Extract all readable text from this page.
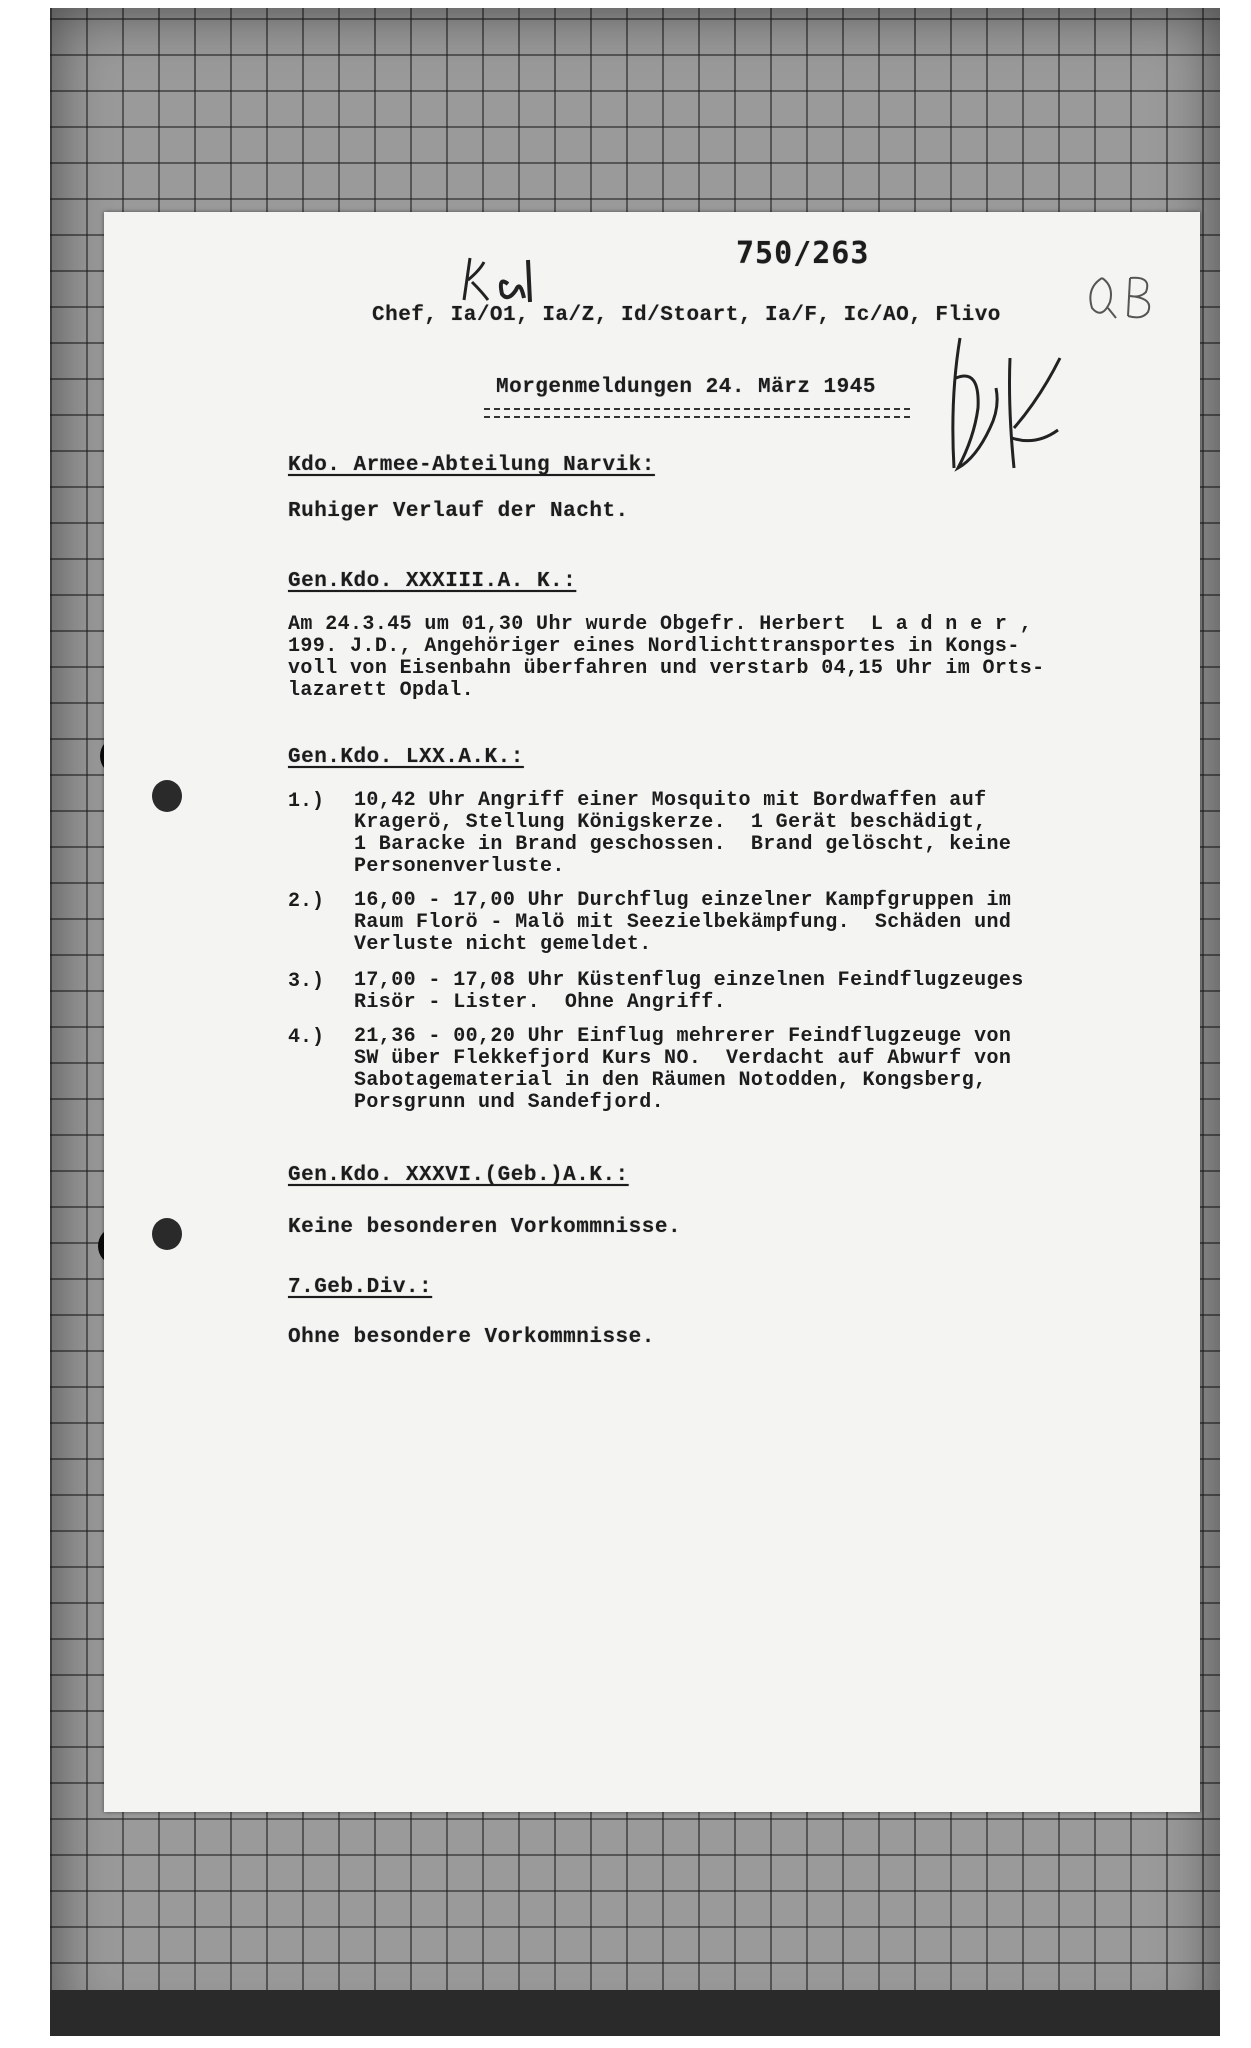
750/263
Chef, Ia/O1, Ia/Z, Id/Stoart, Ia/F, Ic/AO, Flivo
Morgenmeldungen 24. März 1945
Kdo. Armee-Abteilung Narvik:
Ruhiger Verlauf der Nacht.
Gen.Kdo. XXXIII.A. K.:
Am 24.3.45 um 01,30 Uhr wurde Obgefr. Herbert  L a d n e r ,
199. J.D., Angehöriger eines Nordlichttransportes in Kongs-
voll von Eisenbahn überfahren und verstarb 04,15 Uhr im Orts-
lazarett Opdal.
Gen.Kdo. LXX.A.K.:
1.) 10,42 Uhr Angriff einer Mosquito mit Bordwaffen auf
Kragerö, Stellung Königskerze.  1 Gerät beschädigt,
1 Baracke in Brand geschossen.  Brand gelöscht, keine
Personenverluste.
2.) 16,00 - 17,00 Uhr Durchflug einzelner Kampfgruppen im
Raum Florö - Malö mit Seezielbekämpfung.  Schäden und
Verluste nicht gemeldet.
3.) 17,00 - 17,08 Uhr Küstenflug einzelnen Feindflugzeuges
Risör - Lister.  Ohne Angriff.
4.) 21,36 - 00,20 Uhr Einflug mehrerer Feindflugzeuge von
SW über Flekkefjord Kurs NO.  Verdacht auf Abwurf von
Sabotagematerial in den Räumen Notodden, Kongsberg,
Porsgrunn und Sandefjord.
Gen.Kdo. XXXVI.(Geb.)A.K.:
Keine besonderen Vorkommnisse.
7.Geb.Div.:
Ohne besondere Vorkommnisse.
